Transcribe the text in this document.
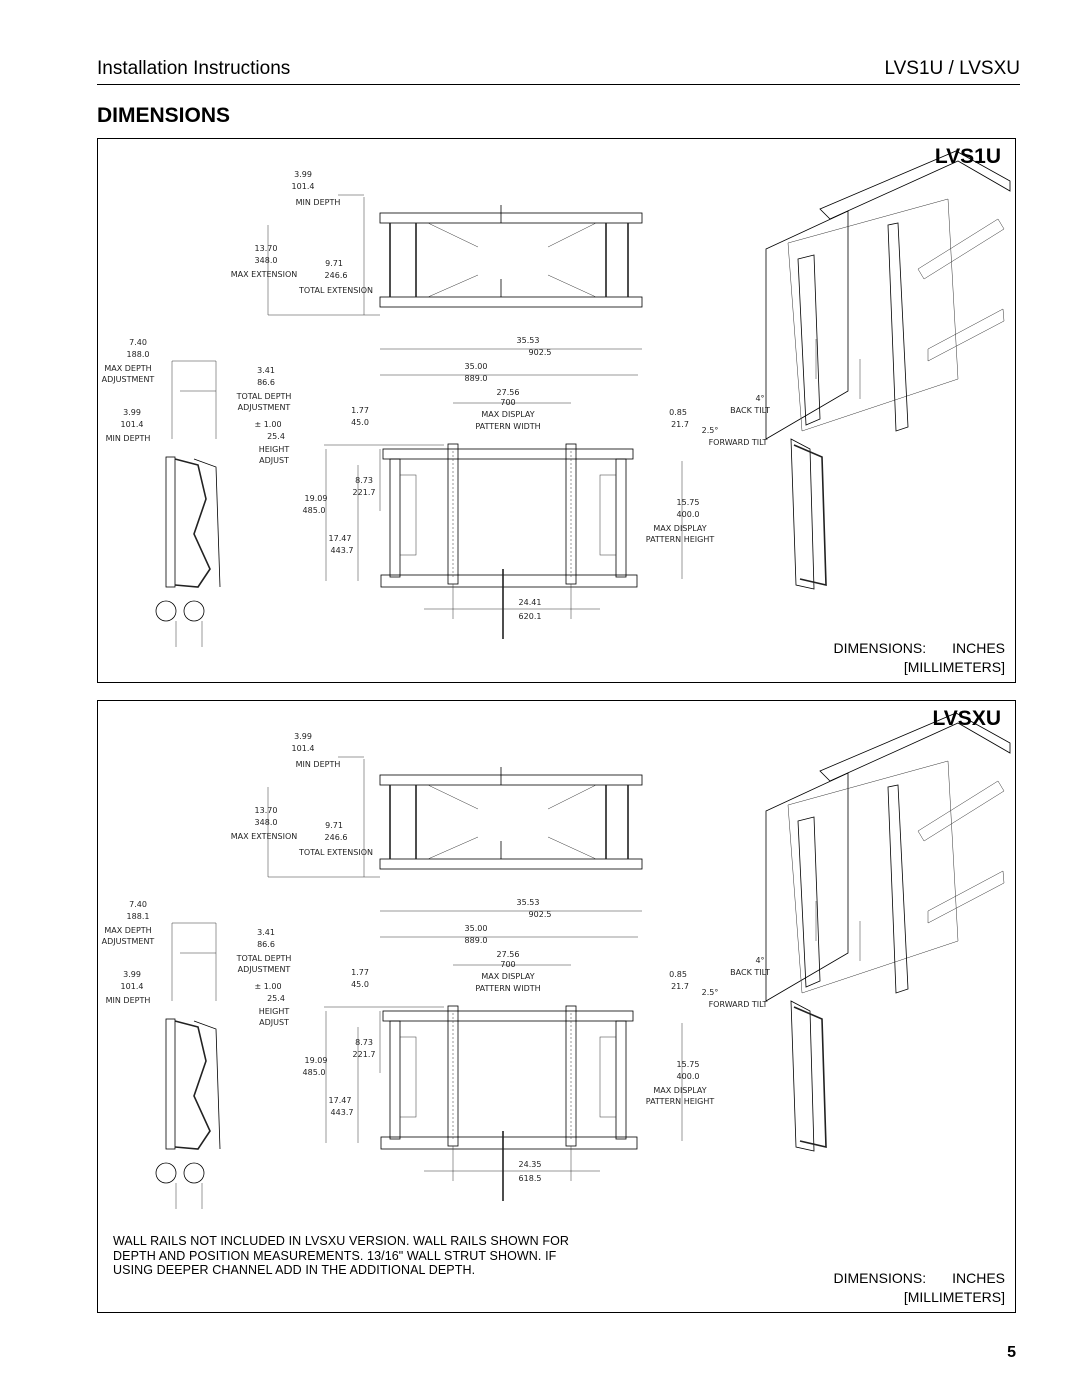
Installation Instructions	LVS1U / LVSXU
DIMENSIONS
LVS1U
DIMENSIONS: INCHES
[MILLIMETERS]
3.99
101.4
MIN DEPTH
13.70
348.0
MAX EXTENSION
9.71
246.6
TOTAL EXTENSION
7.40
188.0
MAX DEPTH
ADJUSTMENT
3.99
101.4
MIN DEPTH
3.41
86.6
TOTAL DEPTH
ADJUSTMENT
± 1.00
25.4
HEIGHT
ADJUST
35.53
902.5
35.00
889.0
27.56
700
MAX DISPLAY
PATTERN WIDTH
1.77
45.0
8.73
221.7
19.09
485.0
17.47
443.7
15.75
400.0
MAX DISPLAY
PATTERN HEIGHT
0.85
21.7
24.41
620.1
4°
BACK TILT
2.5°
FORWARD TILT
LVSXU
WALL RAILS NOT INCLUDED IN LVSXU VERSION. WALL RAILS SHOWN FOR DEPTH AND POSITION MEASUREMENTS. 13/16" WALL STRUT SHOWN. IF USING DEEPER CHANNEL ADD IN THE ADDITIONAL DEPTH.	DIMENSIONS: INCHES
[MILLIMETERS]
3.99
101.4
MIN DEPTH
13.70
348.0
MAX EXTENSION
9.71
246.6
TOTAL EXTENSION
7.40
188.1
MAX DEPTH
ADJUSTMENT
3.99
101.4
MIN DEPTH
3.41
86.6
TOTAL DEPTH
ADJUSTMENT
± 1.00
25.4
HEIGHT
ADJUST
35.53
902.5
35.00
889.0
27.56
700
MAX DISPLAY
PATTERN WIDTH
1.77
45.0
8.73
221.7
19.09
485.0
17.47
443.7
15.75
400.0
MAX DISPLAY
PATTERN HEIGHT
0.85
21.7
24.35
618.5
4°
BACK TILT
2.5°
FORWARD TILT
5
